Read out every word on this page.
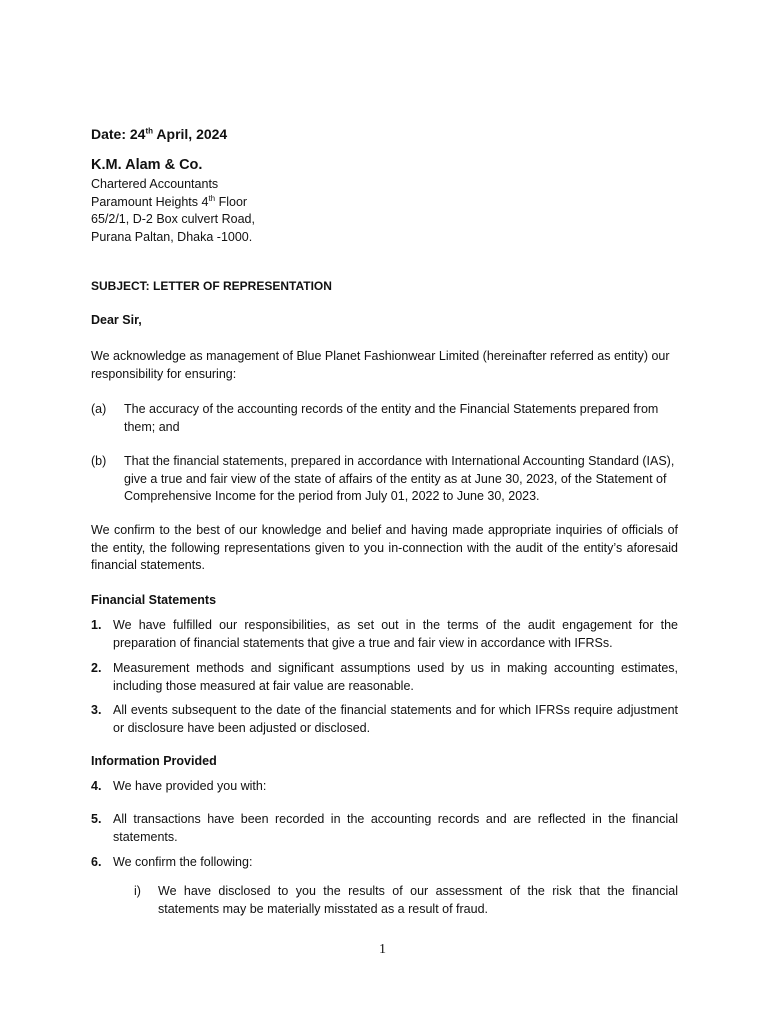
Date: 24th April, 2024
K.M. Alam & Co.
Chartered Accountants
Paramount Heights 4th Floor
65/2/1, D-2 Box culvert Road,
Purana Paltan, Dhaka -1000.
SUBJECT: LETTER OF REPRESENTATION
Dear Sir,
We acknowledge as management of Blue Planet Fashionwear Limited (hereinafter referred as entity) our responsibility for ensuring:
(a) The accuracy of the accounting records of the entity and the Financial Statements prepared from them; and
(b) That the financial statements, prepared in accordance with International Accounting Standard (IAS), give a true and fair view of the state of affairs of the entity as at June 30, 2023, of the Statement of Comprehensive Income for the period from July 01, 2022 to June 30, 2023.
We confirm to the best of our knowledge and belief and having made appropriate inquiries of officials of the entity, the following representations given to you in-connection with the audit of the entity’s aforesaid financial statements.
Financial Statements
1. We have fulfilled our responsibilities, as set out in the terms of the audit engagement for the preparation of financial statements that give a true and fair view in accordance with IFRSs.
2. Measurement methods and significant assumptions used by us in making accounting estimates, including those measured at fair value are reasonable.
3. All events subsequent to the date of the financial statements and for which IFRSs require adjustment or disclosure have been adjusted or disclosed.
Information Provided
4. We have provided you with:
5. All transactions have been recorded in the accounting records and are reflected in the financial statements.
6. We confirm the following:
i) We have disclosed to you the results of our assessment of the risk that the financial statements may be materially misstated as a result of fraud.
1
